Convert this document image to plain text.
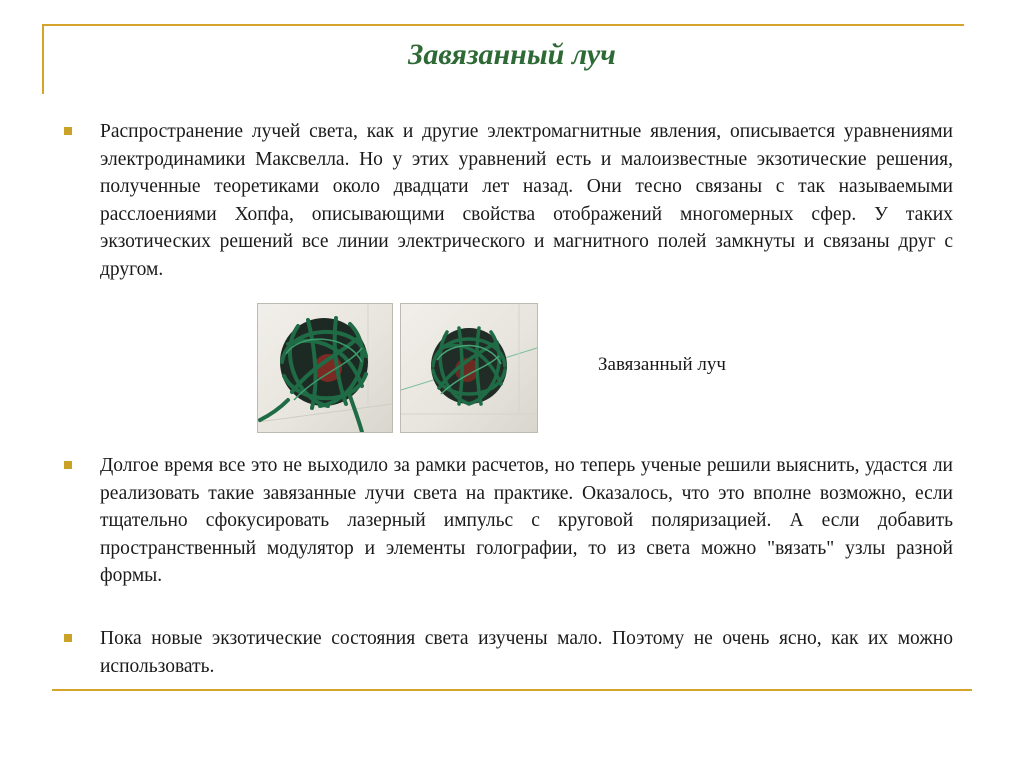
Завязанный луч
Распространение лучей света, как и другие электромагнитные явления, описывается уравнениями электродинамики Максвелла. Но у этих уравнений есть и малоизвестные экзотические решения, полученные теоретиками около двадцати лет назад. Они тесно связаны с так называемыми расслоениями Хопфа, описывающими свойства отображений многомерных сфер. У таких экзотических решений все линии электрического и магнитного полей замкнуты и связаны друг с другом.
Завязанный луч
Долгое время все это не выходило за рамки расчетов, но теперь ученые решили выяснить, удастся ли реализовать такие завязанные лучи света на практике. Оказалось, что это вполне возможно, если тщательно сфокусировать лазерный импульс с круговой поляризацией. А если добавить пространственный модулятор и элементы голографии, то из света можно "вязать" узлы разной формы.
Пока новые экзотические состояния света изучены мало. Поэтому не очень ясно, как их можно использовать.
